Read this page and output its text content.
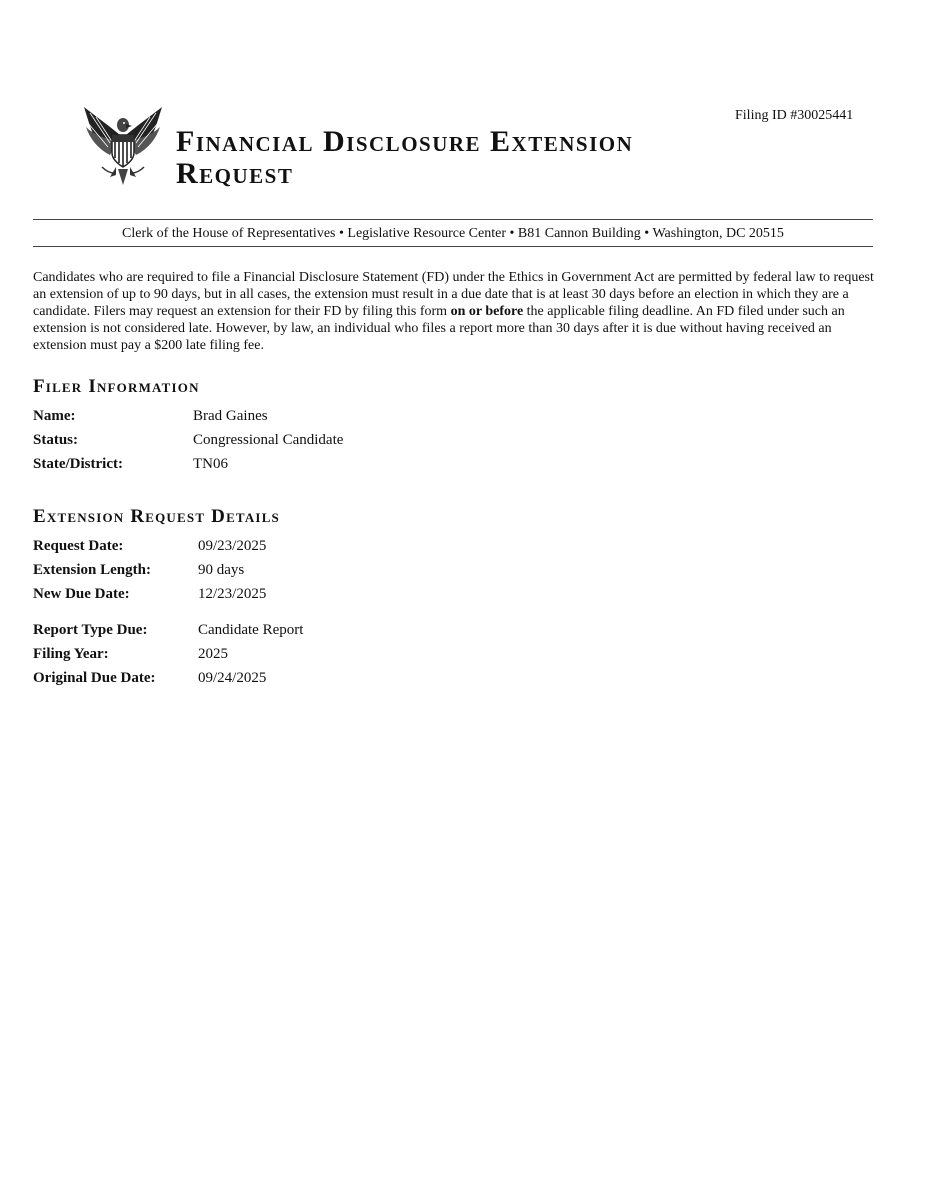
Filing ID #30025441
Financial Disclosure Extension
Request
Clerk of the House of Representatives • Legislative Resource Center • B81 Cannon Building • Washington, DC 20515
Candidates who are required to file a Financial Disclosure Statement (FD) under the Ethics in Government Act are permitted by federal law to request an extension of up to 90 days, but in all cases, the extension must result in a due date that is at least 30 days before an election in which they are a candidate. Filers may request an extension for their FD by filing this form on or before the applicable filing deadline. An FD filed under such an extension is not considered late. However, by law, an individual who files a report more than 30 days after it is due without having received an extension must pay a $200 late filing fee.
Filer Information
Name:	Brad Gaines
Status:	Congressional Candidate
State/District:	TN06
Extension Request Details
Request Date:	09/23/2025
Extension Length:	90 days
New Due Date:	12/23/2025
Report Type Due:	Candidate Report
Filing Year:	2025
Original Due Date:	09/24/2025
